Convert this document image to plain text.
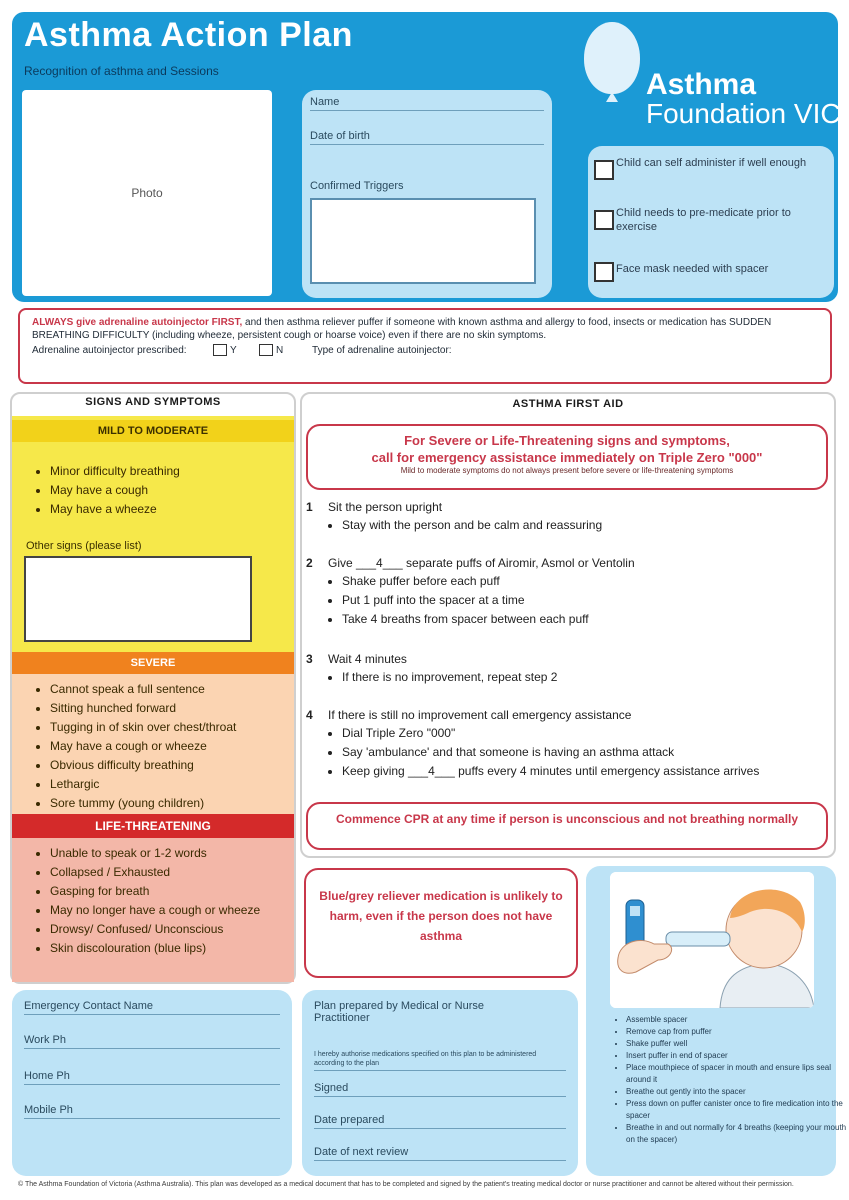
Asthma Action Plan
Recognition of asthma and Sessions
Photo
Name
Date of birth
Confirmed Triggers
Asthma
Foundation VIC
Child can self administer if well enough
Child needs to pre-medicate prior to exercise
Face mask needed with spacer
ALWAYS give adrenaline autoinjector FIRST, and then asthma reliever puffer if someone with known asthma and allergy to food, insects or medication has SUDDEN BREATHING DIFFICULTY (including wheeze, persistent cough or hoarse voice) even if there are no skin symptoms.
Adrenaline autoinjector prescribed:	Y	N	Type of adrenaline autoinjector:
SIGNS AND SYMPTOMS
MILD TO MODERATE
• Minor difficulty breathing
• May have a cough
• May have a wheeze
Other signs (please list)
SEVERE
• Cannot speak a full sentence
• Sitting hunched forward
• Tugging in of skin over chest/throat
• May have a cough or wheeze
• Obvious difficulty breathing
• Lethargic
• Sore tummy (young children)
LIFE-THREATENING
• Unable to speak or 1-2 words
• Collapsed / Exhausted
• Gasping for breath
• May no longer have a cough or wheeze
• Drowsy/ Confused/ Unconscious
• Skin discolouration (blue lips)
ASTHMA FIRST AID
For Severe or Life-Threatening signs and symptoms,
call for emergency assistance immediately on Triple Zero "000"
Mild to moderate symptoms do not always present before severe or life-threatening symptoms
1 Sit the person upright
• Stay with the person and be calm and reassuring
2 Give ___4___ separate puffs of Airomir, Asmol or Ventolin
• Shake puffer before each puff
• Put 1 puff into the spacer at a time
• Take 4 breaths from spacer between each puff
3 Wait 4 minutes
• If there is no improvement, repeat step 2
4 If there is still no improvement call emergency assistance
• Dial Triple Zero "000"
• Say 'ambulance' and that someone is having an asthma attack
• Keep giving ___4___ puffs every 4 minutes until emergency assistance arrives
Commence CPR at any time if person is unconscious and not breathing normally
Blue/grey reliever medication is unlikely to harm, even if the person does not have asthma
• Assemble spacer
• Remove cap from puffer
• Shake puffer well
• Insert puffer in end of spacer
• Place mouthpiece of spacer in mouth and ensure lips seal around it
• Breathe out gently into the spacer
• Press down on puffer canister once to fire medication into the spacer
• Breathe in and out normally for 4 breaths (keeping your mouth on the spacer)
Emergency Contact Name
Work Ph
Home Ph
Mobile Ph
Plan prepared by Medical or Nurse Practitioner
I hereby authorise medications specified on this plan to be administered according to the plan
Signed
Date prepared
Date of next review
© The Asthma Foundation of Victoria (Asthma Australia). This plan was developed as a medical document that has to be completed and signed by the patient's treating medical doctor or nurse practitioner and cannot be altered without their permission.
